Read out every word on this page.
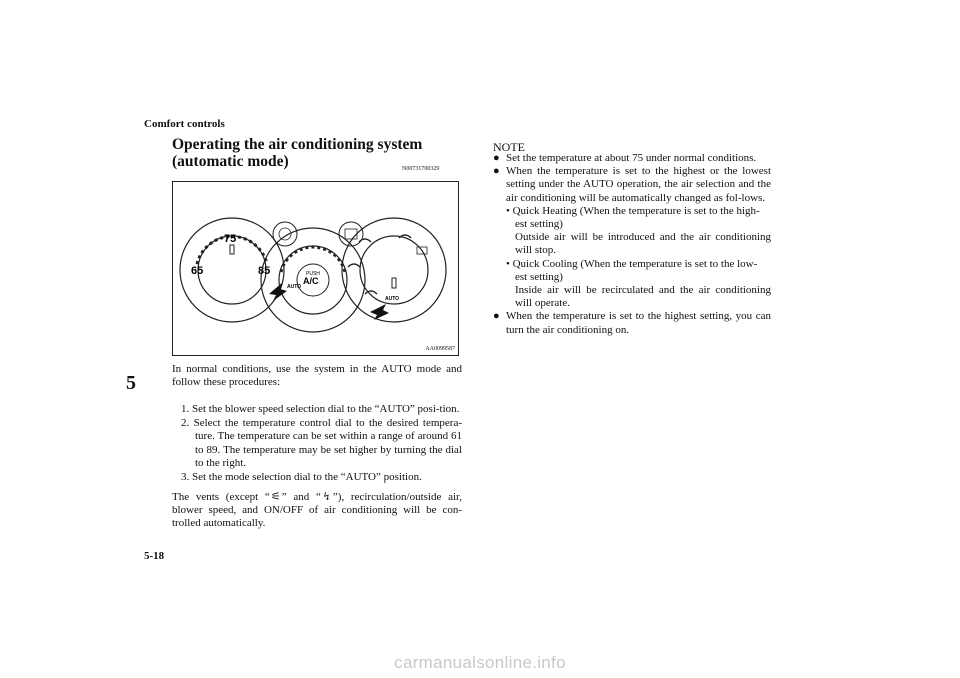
Comfort controls
5
Operating the air conditioning system (automatic mode)	N00731700329
75
65	85	PUSH
A/C
AUTO
AUTO
AA0099587
In normal conditions, use the system in the AUTO mode and follow these procedures:
1. Set the blower speed selection dial to the “AUTO” posi-tion.
2. Select the temperature control dial to the desired tempera-ture. The temperature can be set within a range of around 61 to 89. The temperature may be set higher by turning the dial to the right.
3. Set the mode selection dial to the “AUTO” position.
The vents (except “⚟” and “↯”), recirculation/outside air, blower speed, and ON/OFF of air conditioning will be con-trolled automatically.
NOTE
● Set the temperature at about 75 under normal conditions.
● When the temperature is set to the highest or the lowest setting under the AUTO operation, the air selection and the air conditioning will be automatically changed as fol-lows.
• Quick Heating (When the temperature is set to the high-
est setting)
Outside air will be introduced and the air conditioning will stop.
• Quick Cooling (When the temperature is set to the low-
est setting)
Inside air will be recirculated and the air conditioning will operate.
● When the temperature is set to the highest setting, you can turn the air conditioning on.
5-18
carmanualsonline.info
